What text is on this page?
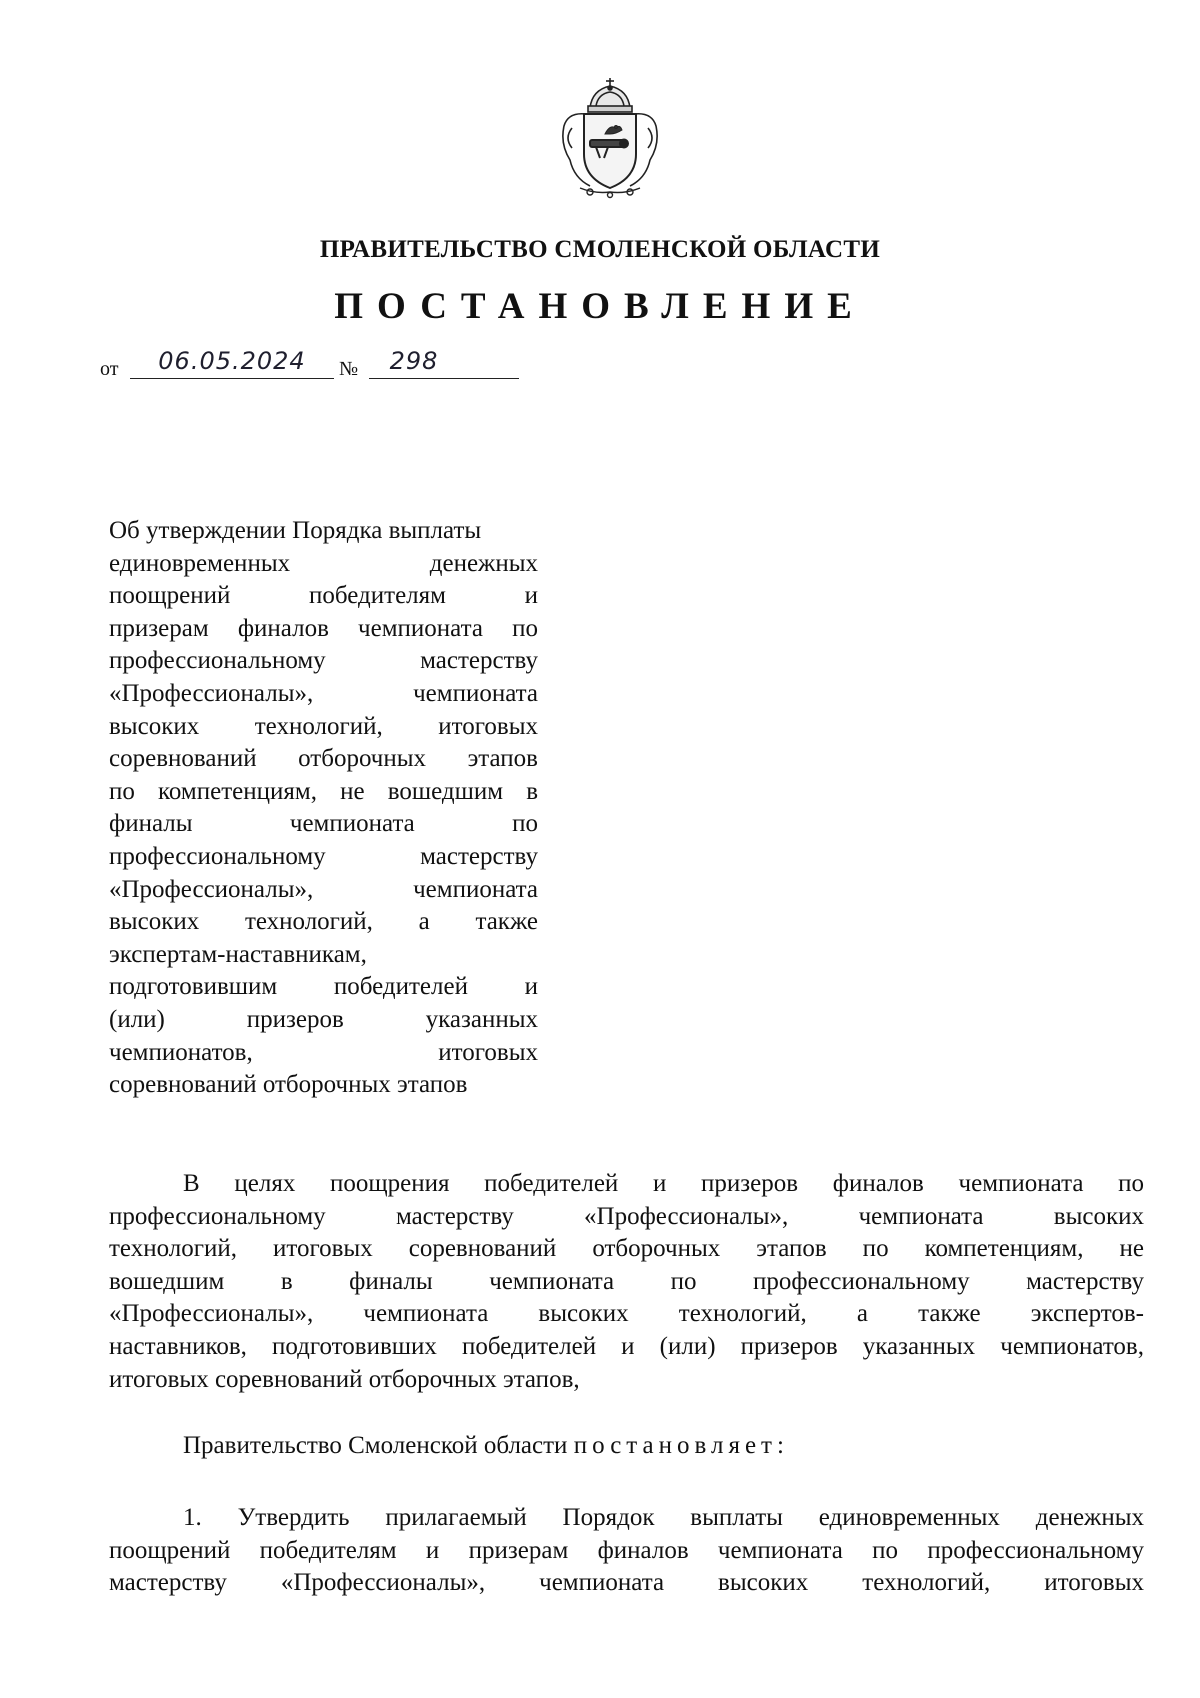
ПРАВИТЕЛЬСТВО СМОЛЕНСКОЙ ОБЛАСТИ
ПОСТАНОВЛЕНИЕ
от	06.05.2024	№	298
Об утверждении Порядка выплаты
единовременных денежных
поощрений победителям и
призерам финалов чемпионата по
профессиональному мастерству
«Профессионалы», чемпионата
высоких технологий, итоговых
соревнований отборочных этапов
по компетенциям, не вошедшим в
финалы чемпионата по
профессиональному мастерству
«Профессионалы», чемпионата
высоких технологий, а также
экспертам-наставникам,
подготовившим победителей и
(или) призеров указанных
чемпионатов, итоговых
соревнований отборочных этапов
В целях поощрения победителей и призеров финалов чемпионата по
профессиональному мастерству «Профессионалы», чемпионата высоких
технологий, итоговых соревнований отборочных этапов по компетенциям, не
вошедшим в финалы чемпионата по профессиональному мастерству
«Профессионалы», чемпионата высоких технологий, а также экспертов-
наставников, подготовивших победителей и (или) призеров указанных чемпионатов,
итоговых соревнований отборочных этапов,
Правительство Смоленской области постановляет:
1. Утвердить прилагаемый Порядок выплаты единовременных денежных
поощрений победителям и призерам финалов чемпионата по профессиональному
мастерству «Профессионалы», чемпионата высоких технологий, итоговых
